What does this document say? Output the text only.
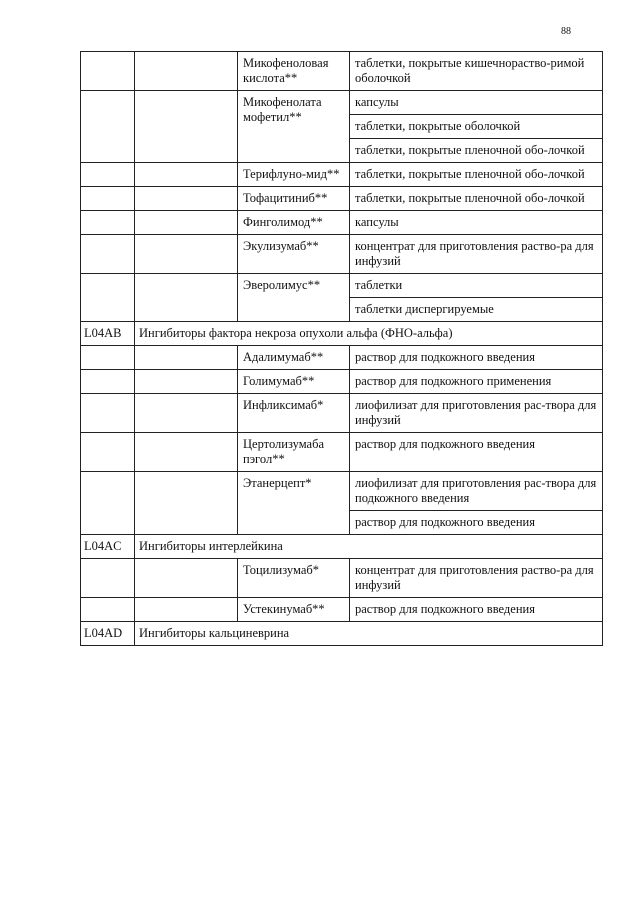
88
		Микофеноловая кислота**	таблетки, покрытые кишечнораство-римой оболочкой
		Микофенолата мофетил**	капсулы
			таблетки, покрытые оболочкой
			таблетки, покрытые пленочной обо-лочкой
		Терифлуно-мид**	таблетки, покрытые пленочной обо-лочкой
		Тофацитиниб**	таблетки, покрытые пленочной обо-лочкой
		Финголимод**	капсулы
		Экулизумаб**	концентрат для приготовления раство-ра для инфузий
		Эверолимус**	таблетки
			таблетки диспергируемые
L04AB	Ингибиторы фактора некроза опухоли альфа (ФНО-альфа)		
		Адалимумаб**	раствор для подкожного введения
		Голимумаб**	раствор для подкожного применения
		Инфликсимаб*	лиофилизат для приготовления рас-твора для инфузий
		Цертолизумаба пэгол**	раствор для подкожного введения
		Этанерцепт*	лиофилизат для приготовления рас-твора для подкожного введения
			раствор для подкожного введения
L04AC	Ингибиторы интерлейкина		
		Тоцилизумаб*	концентрат для приготовления раство-ра для инфузий
		Устекинумаб**	раствор для подкожного введения
L04AD	Ингибиторы кальциневрина		
